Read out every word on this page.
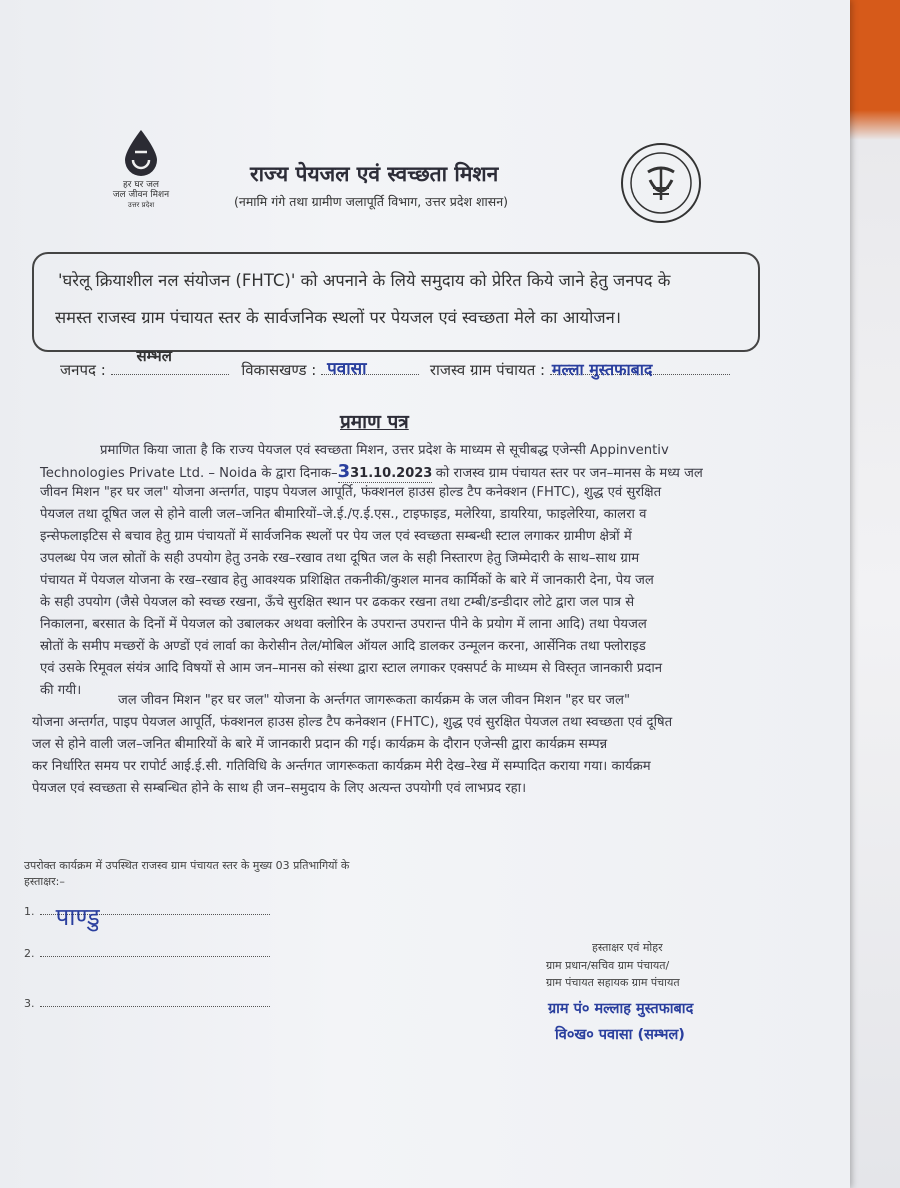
हर घर जल
जल जीवन मिशन
उत्तर प्रदेश
राज्य पेयजल एवं स्वच्छता मिशन
(नमामि गंगे तथा ग्रामीण जलापूर्ति विभाग, उत्तर प्रदेश शासन)
'घरेलू क्रियाशील नल संयोजन (FHTC)' को अपनाने के लिये समुदाय को प्रेरित किये जाने हेतु जनपद के
समस्त राजस्व ग्राम पंचायत स्तर के सार्वजनिक स्थलों पर पेयजल एवं स्वच्छता मेले का आयोजन।
जनपद :
सम्भल
विकासखण्ड : पवासा	राजस्व ग्राम पंचायत : मल्ला मुस्तफाबाद
प्रमाण पत्र
प्रमाणित किया जाता है कि राज्य पेयजल एवं स्वच्छता मिशन, उत्तर प्रदेश के माध्यम से सूचीबद्ध एजेन्सी Appinventiv
Technologies Private Ltd. – Noida के द्वारा दिनाक–331.10.2023 को राजस्व ग्राम पंचायत स्तर पर जन–मानस के मध्य जल
जीवन मिशन "हर घर जल" योजना अन्तर्गत, पाइप पेयजल आपूर्ति, फंक्शनल हाउस होल्ड टैप कनेक्शन (FHTC), शुद्ध एवं सुरक्षित
पेयजल तथा दूषित जल से होने वाली जल–जनित बीमारियों–जे.ई./ए.ई.एस., टाइफाइड, मलेरिया, डायरिया, फाइलेरिया, कालरा व
इन्सेफलाइटिस से बचाव हेतु ग्राम पंचायतों में सार्वजनिक स्थलों पर पेय जल एवं स्वच्छता सम्बन्धी स्टाल लगाकर ग्रामीण क्षेत्रों में
उपलब्ध पेय जल स्रोतों के सही उपयोग हेतु उनके रख–रखाव तथा दूषित जल के सही निस्तारण हेतु जिम्मेदारी के साथ–साथ ग्राम
पंचायत में पेयजल योजना के रख–रखाव हेतु आवश्यक प्रशिक्षित तकनीकी/कुशल मानव कार्मिकों के बारे में जानकारी देना, पेय जल
के सही उपयोग (जैसे पेयजल को स्वच्छ रखना, ऊँचे सुरक्षित स्थान पर ढककर रखना तथा टम्बी/डन्डीदार लोटे द्वारा जल पात्र से
निकालना, बरसात के दिनों में पेयजल को उबालकर अथवा क्लोरिन के उपरान्त उपरान्त पीने के प्रयोग में लाना आदि) तथा पेयजल
स्रोतों के समीप मच्छरों के अण्डों एवं लार्वा का केरोसीन तेल/मोबिल ऑयल आदि डालकर उन्मूलन करना, आर्सेनिक तथा फ्लोराइड
एवं उसके रिमूवल संयंत्र आदि विषयों से आम जन–मानस को संस्था द्वारा स्टाल लगाकर एक्सपर्ट के माध्यम से विस्तृत जानकारी प्रदान
की गयी।
जल जीवन मिशन "हर घर जल" योजना के अर्न्तगत जागरूकता कार्यक्रम के जल जीवन मिशन "हर घर जल"
योजना अन्तर्गत, पाइप पेयजल आपूर्ति, फंक्शनल हाउस होल्ड टैप कनेक्शन (FHTC), शुद्ध एवं सुरक्षित पेयजल तथा स्वच्छता एवं दूषित
जल से होने वाली जल–जनित बीमारियों के बारे में जानकारी प्रदान की गई। कार्यक्रम के दौरान एजेन्सी द्वारा कार्यक्रम सम्पन्न
कर निर्धारित समय पर रापोर्ट आई.ई.सी. गतिविधि के अर्न्तगत जागरूकता कार्यक्रम मेरी देख–रेख में सम्पादित कराया गया। कार्यक्रम
पेयजल एवं स्वच्छता से सम्बन्धित होने के साथ ही जन–समुदाय के लिए अत्यन्त उपयोगी एवं लाभप्रद रहा।
उपरोक्त कार्यक्रम में उपस्थित राजस्व ग्राम पंचायत स्तर के मुख्य 03 प्रतिभागियों के
हस्ताक्षर:–
1. पाण्डु
2.
3.
हस्ताक्षर एवं मोहर
ग्राम प्रधान/सचिव ग्राम पंचायत/
ग्राम पंचायत सहायक ग्राम पंचायत
ग्राम पं० मल्लाह मुस्तफाबाद
वि०ख० पवासा (सम्भल)
